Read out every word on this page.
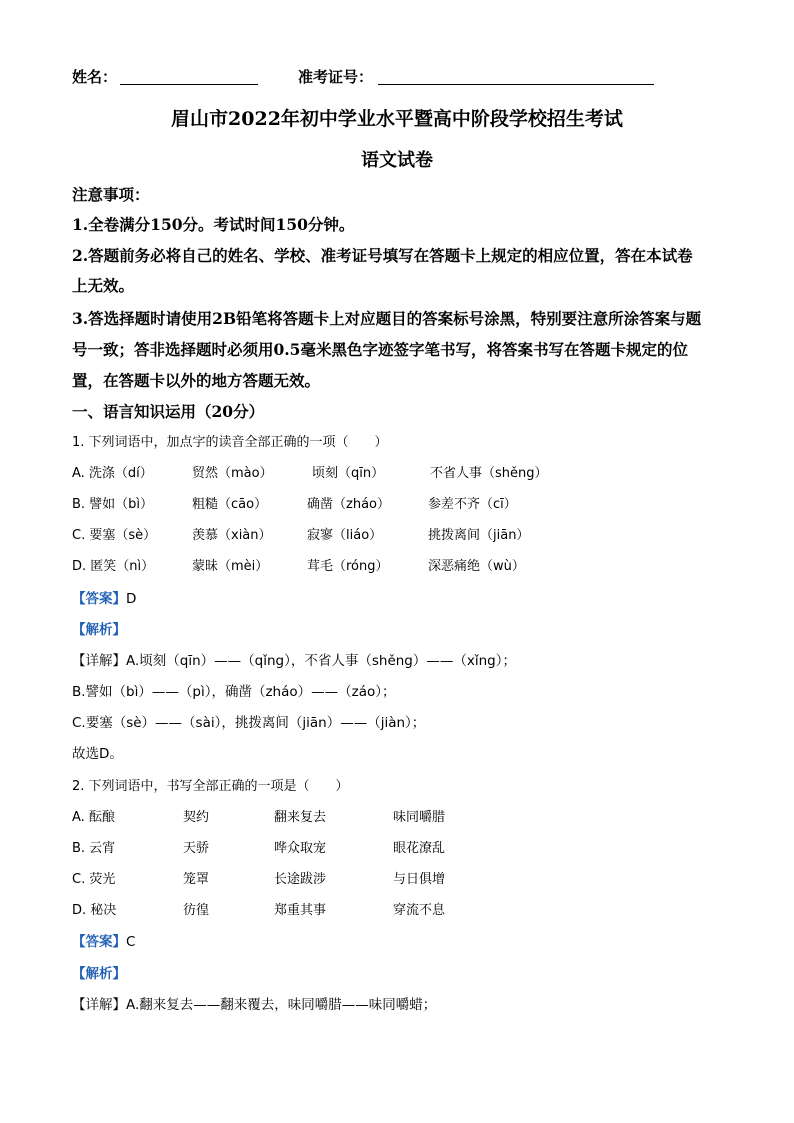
姓名：	准考证号：
眉山市2022年初中学业水平暨高中阶段学校招生考试
语文试卷
注意事项：
1.全卷满分150分。考试时间150分钟。
2.答题前务必将自己的姓名、学校、准考证号填写在答题卡上规定的相应位置，答在本试卷
上无效。
3.答选择题时请使用2B铅笔将答题卡上对应题目的答案标号涂黑，特别要注意所涂答案与题
号一致；答非选择题时必须用0.5毫米黑色字迹签字笔书写，将答案书写在答题卡规定的位
置，在答题卡以外的地方答题无效。
一、语言知识运用（20分）
1. 下列词语中，加点字的读音全部正确的一项（　　）
A. 洗涤（dí）	贸然（mào）	顷刻（qīn）	不省人事（shěng）
B. 譬如（bì）	粗糙（cāo）	确凿（zháo）	参差不齐（cī）
C. 要塞（sè）	羡慕（xiàn）	寂寥（liáo）	挑拨离间（jiān）
D. 匿笑（nì）	蒙昧（mèi）	茸毛（róng）	深恶痛绝（wù）
【答案】D
【解析】
【详解】A.顷刻（qīn）——（qǐng），不省人事（shěng）——（xǐng）；
B.譬如（bì）——（pì），确凿（zháo）——（záo）；
C.要塞（sè）——（sài），挑拨离间（jiān）——（jiàn）；
故选D。
2. 下列词语中，书写全部正确的一项是（　　）
A. 酝酿	契约	翻来复去	味同嚼腊
B. 云宵	天骄	哗众取宠	眼花潦乱
C. 荧光	笼罩	长途跋涉	与日俱增
D. 秘决	彷徨	郑重其事	穿流不息
【答案】C
【解析】
【详解】A.翻来复去——翻来覆去，味同嚼腊——味同嚼蜡；
